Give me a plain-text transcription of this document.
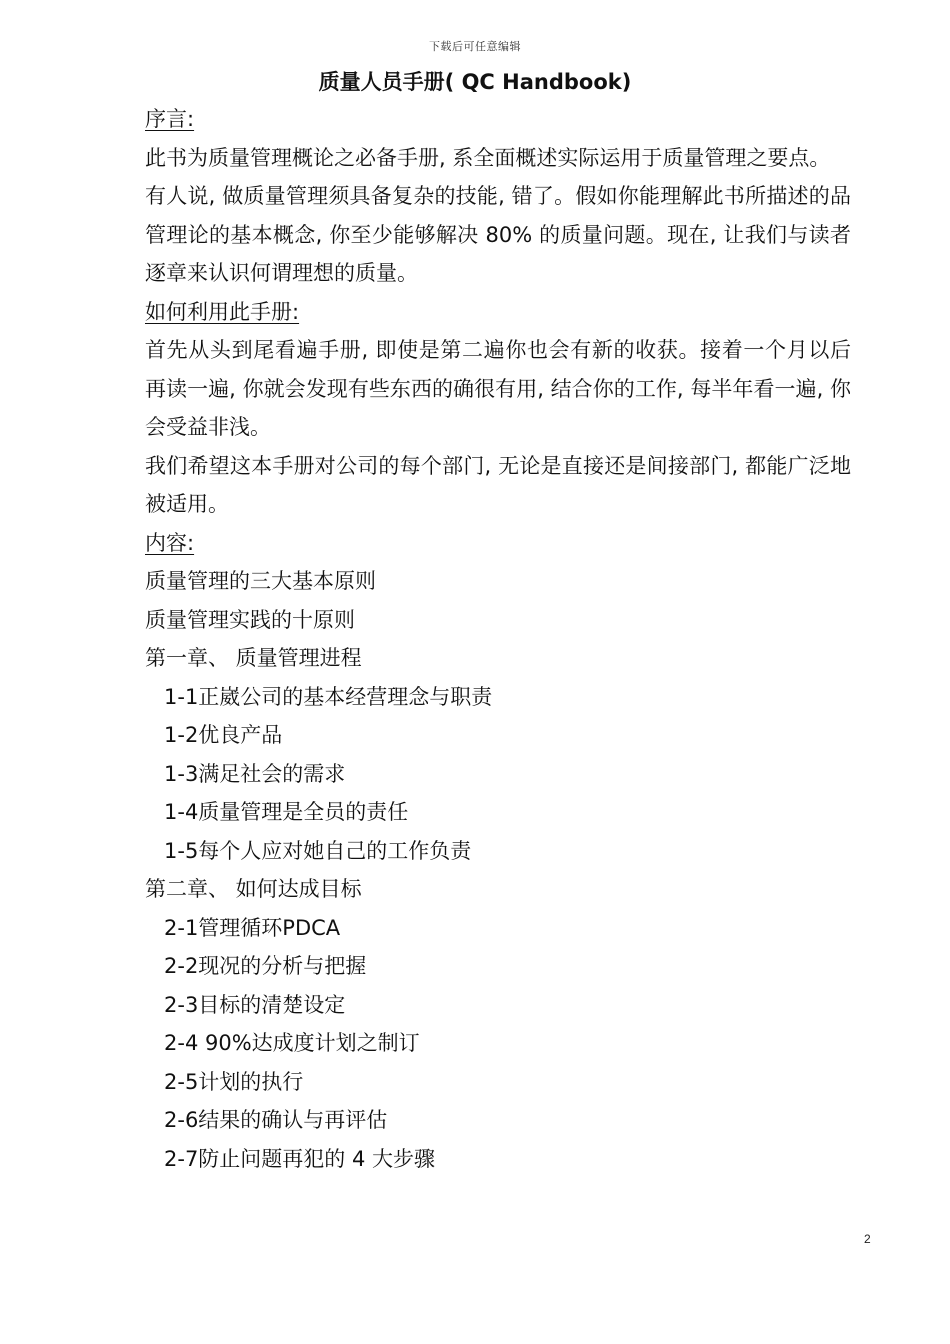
下载后可任意编辑
质量人员手册( QC Handbook)
序言:
此书为质量管理概论之必备手册, 系全面概述实际运用于质量管理之要点。
有人说, 做质量管理须具备复杂的技能, 错了。假如你能理解此书所描述的品管理论的基本概念, 你至少能够解决 80% 的质量问题。现在, 让我们与读者逐章来认识何谓理想的质量。
如何利用此手册:
首先从头到尾看遍手册, 即使是第二遍你也会有新的收获。接着一个月以后再读一遍, 你就会发现有些东西的确很有用, 结合你的工作, 每半年看一遍, 你会受益非浅。
我们希望这本手册对公司的每个部门, 无论是直接还是间接部门, 都能广泛地被适用。
内容:
质量管理的三大基本原则
质量管理实践的十原则
第一章、 质量管理进程
1-1正崴公司的基本经营理念与职责
1-2优良产品
1-3满足社会的需求
1-4质量管理是全员的责任
1-5每个人应对她自己的工作负责
第二章、 如何达成目标
2-1管理循环PDCA
2-2现况的分析与把握
2-3目标的清楚设定
2-4 90%达成度计划之制订
2-5计划的执行
2-6结果的确认与再评估
2-7防止问题再犯的 4 大步骤
2
